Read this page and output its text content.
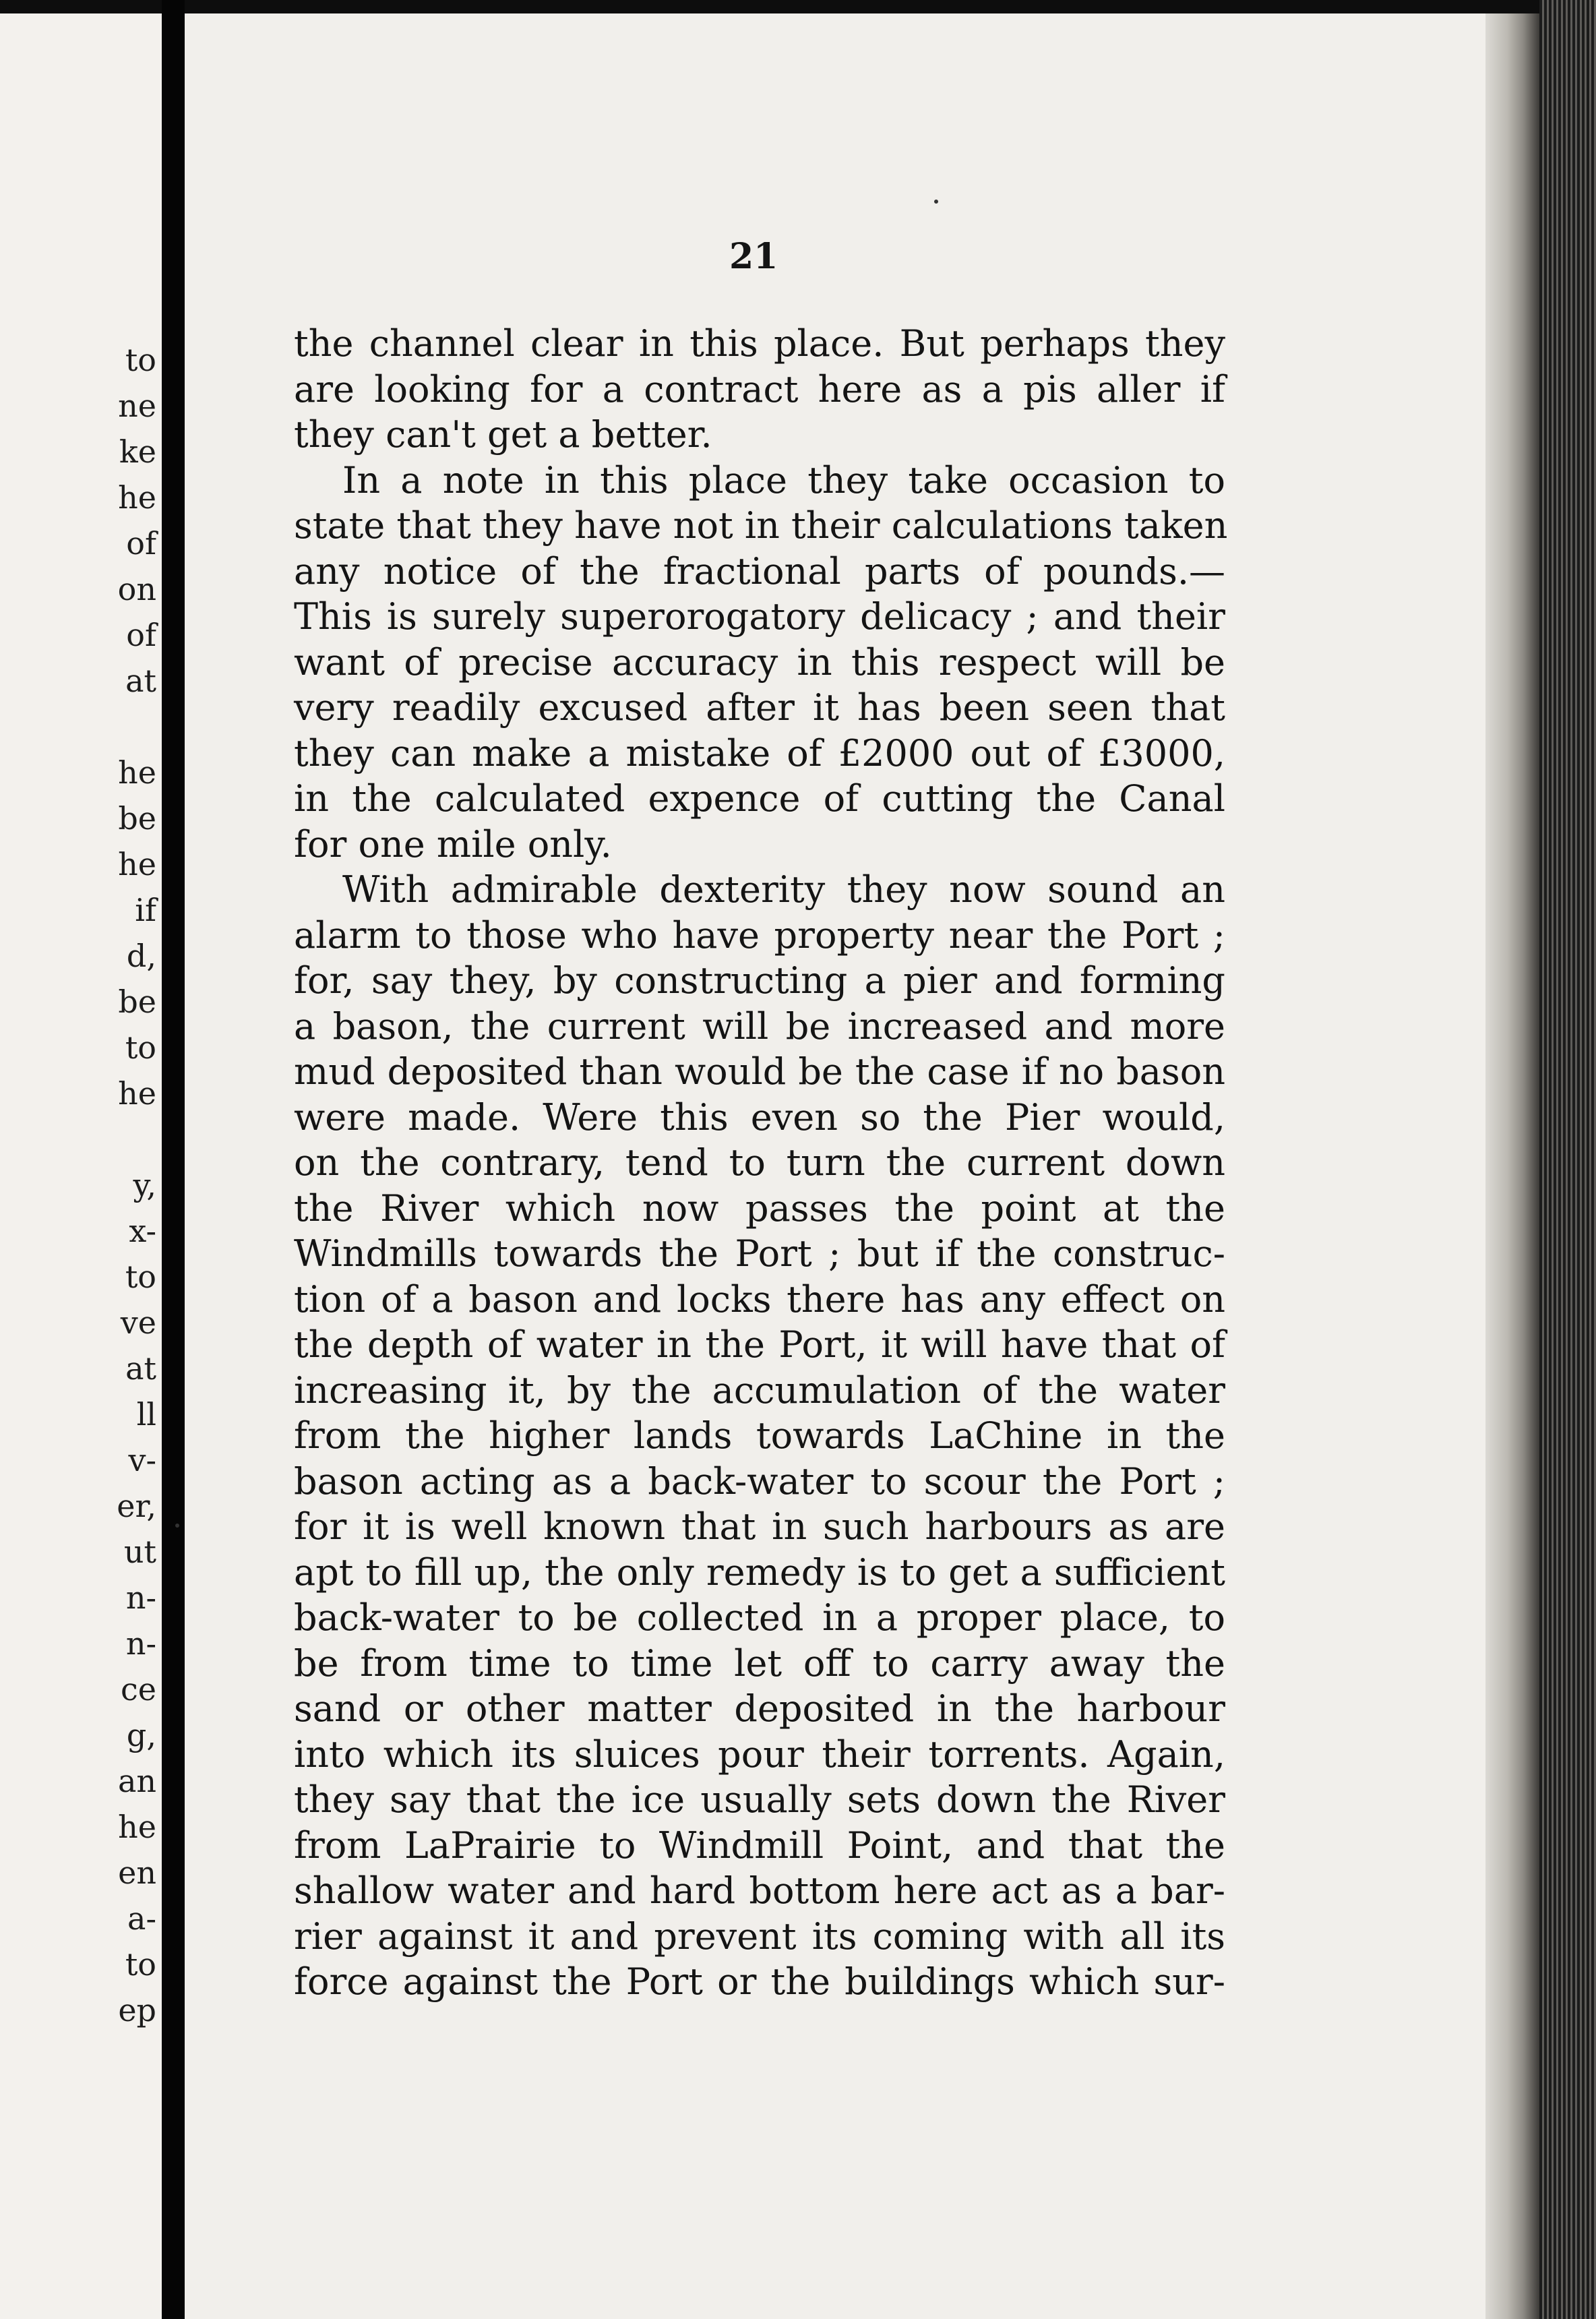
to
ne
ke
he
of
on
of
at
he
be
he
if
d,
be
to
he
y,
x-
to
ve
at
ll
v-
er,
ut
n-
n-
ce
g,
an
he
en
a-
to
ep
21
the channel clear in this place. But perhaps they
are looking for a contract here as a pis aller if
they can't get a better.
In a note in this place they take occasion to
state that they have not in their calculations taken
any notice of the fractional parts of pounds.—
This is surely superorogatory delicacy ; and their
want of precise accuracy in this respect will be
very readily excused after it has been seen that
they can make a mistake of £2000 out of £3000,
in the calculated expence of cutting the Canal
for one mile only.
With admirable dexterity they now sound an
alarm to those who have property near the Port ;
for, say they, by constructing a pier and forming
a bason, the current will be increased and more
mud deposited than would be the case if no bason
were made. Were this even so the Pier would,
on the contrary, tend to turn the current down
the River which now passes the point at the
Windmills towards the Port ; but if the construc-
tion of a bason and locks there has any effect on
the depth of water in the Port, it will have that of
increasing it, by the accumulation of the water
from the higher lands towards LaChine in the
bason acting as a back-water to scour the Port ;
for it is well known that in such harbours as are
apt to fill up, the only remedy is to get a sufficient
back-water to be collected in a proper place, to
be from time to time let off to carry away the
sand or other matter deposited in the harbour
into which its sluices pour their torrents. Again,
they say that the ice usually sets down the River
from LaPrairie to Windmill Point, and that the
shallow water and hard bottom here act as a bar-
rier against it and prevent its coming with all its
force against the Port or the buildings which sur-
